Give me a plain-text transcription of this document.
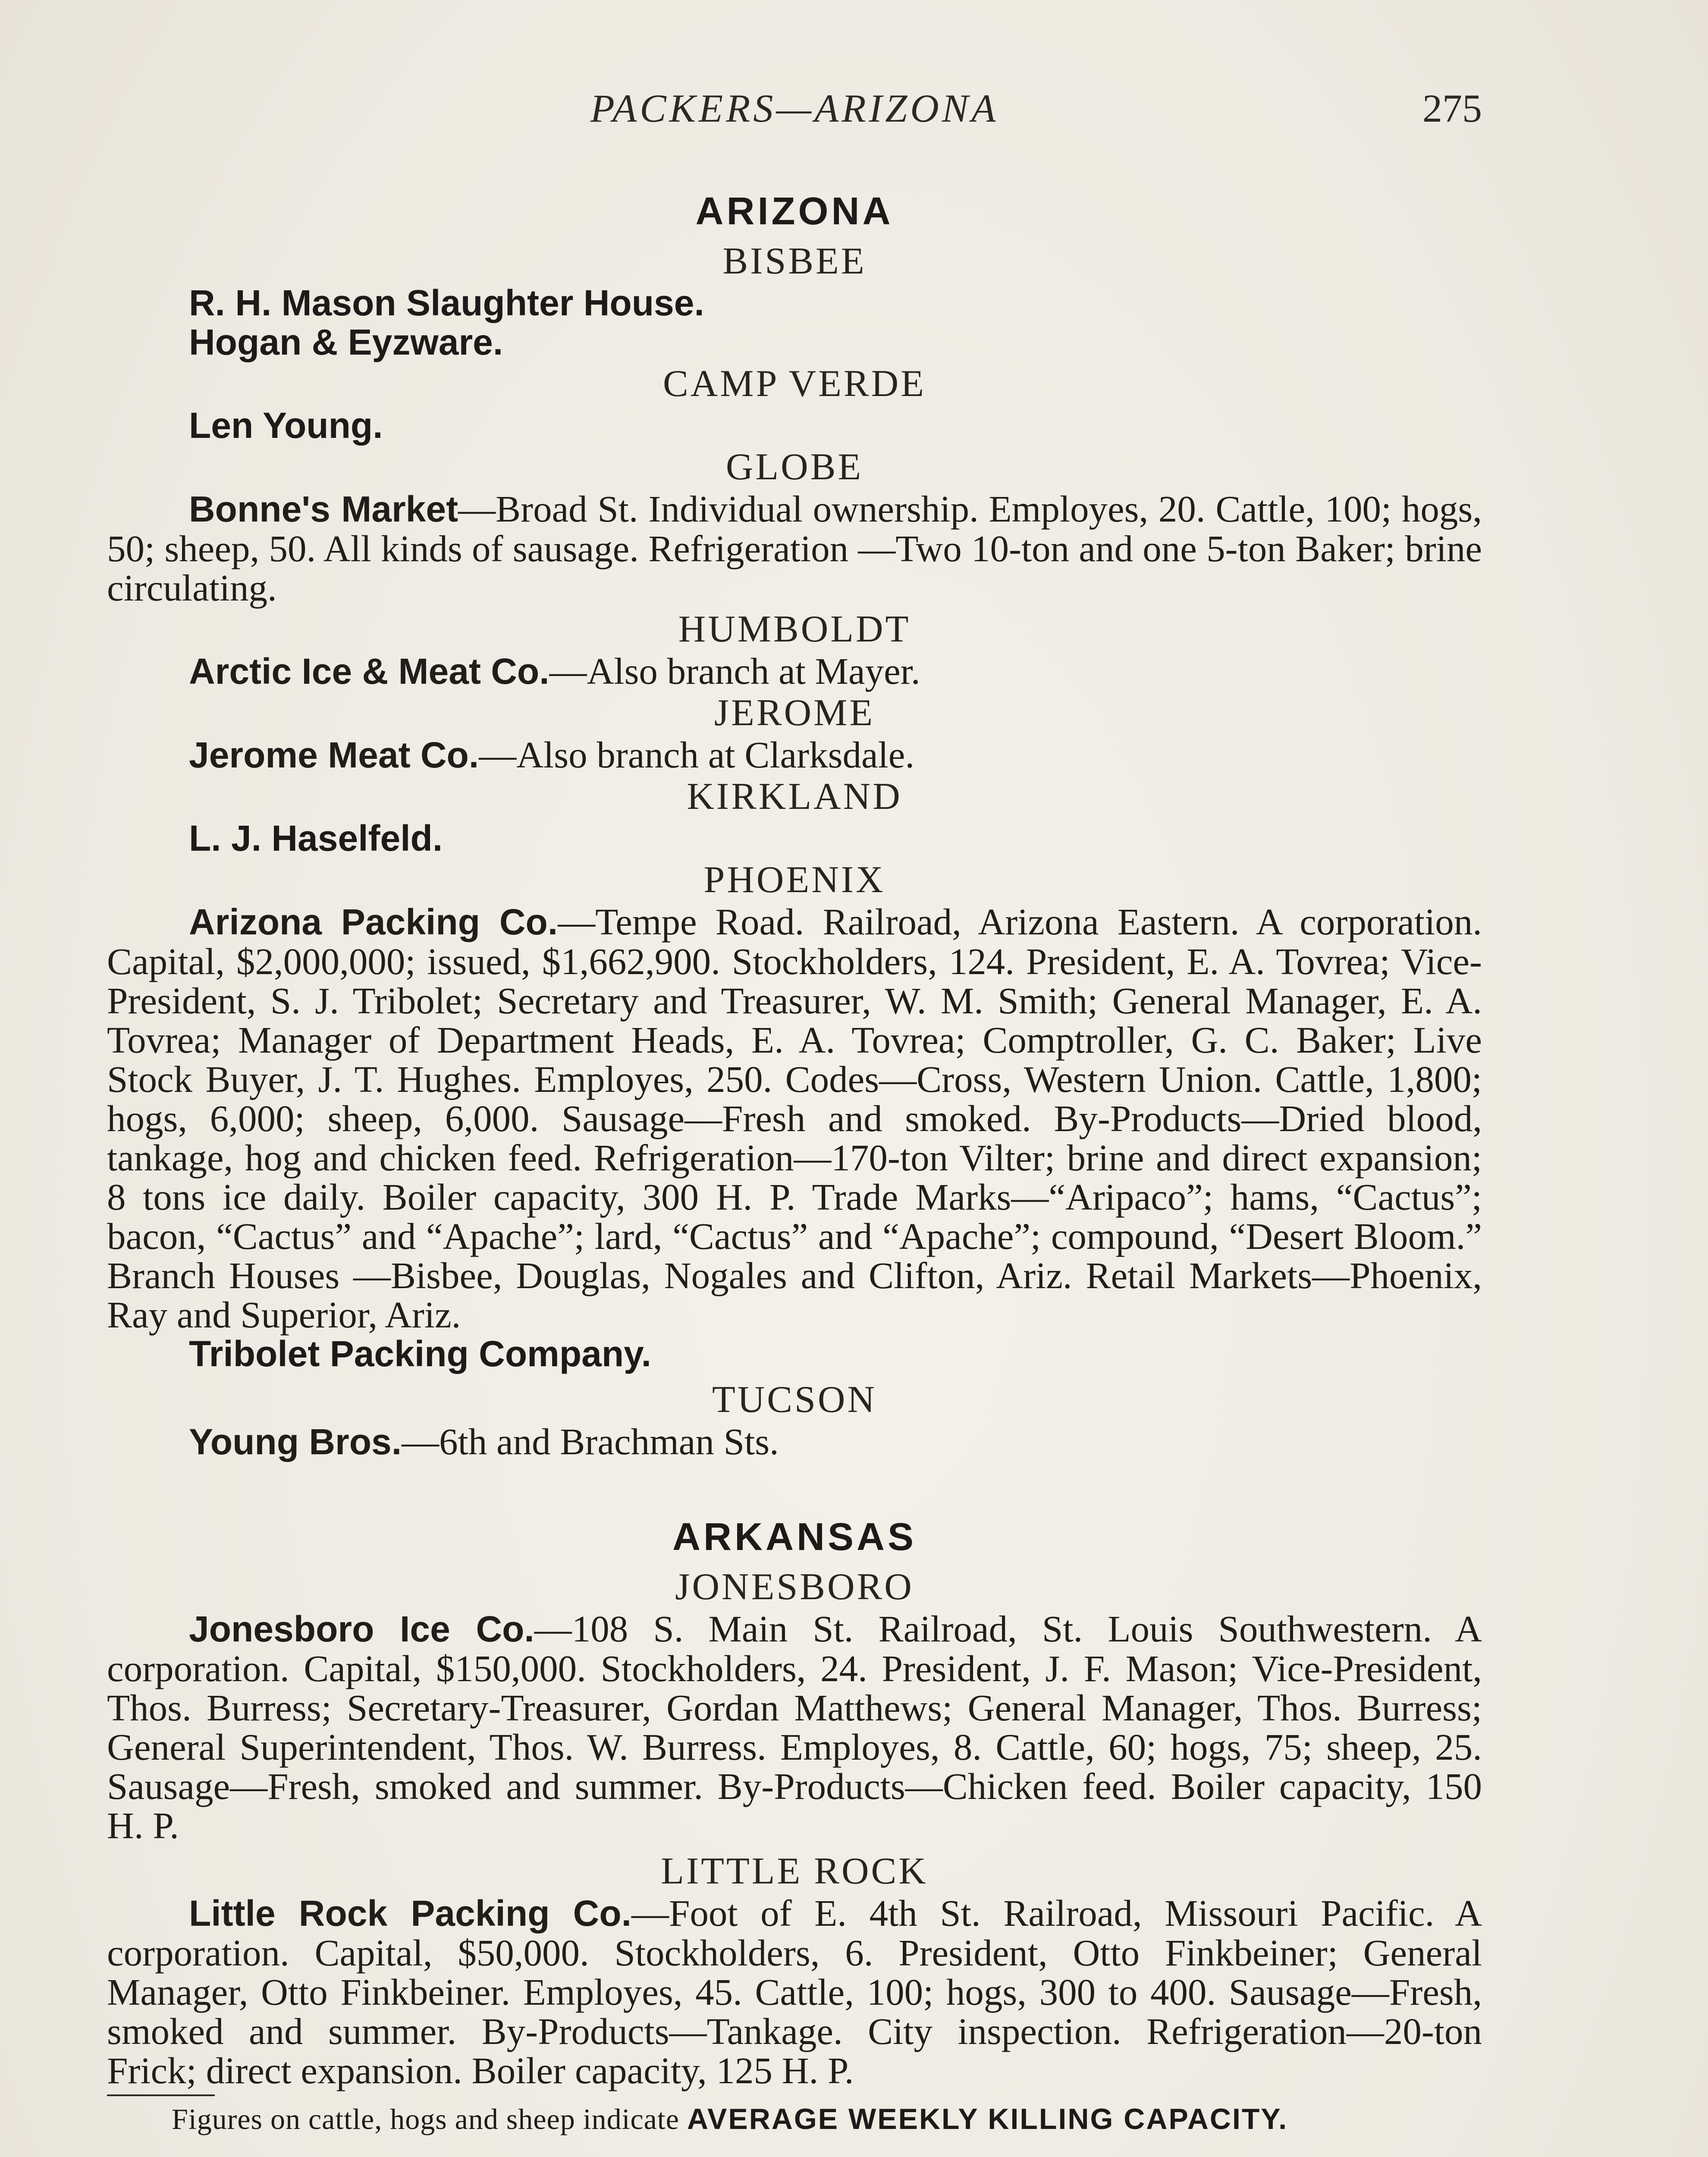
PACKERS—ARIZONA	275

ARIZONA

BISBEE

R. H. Mason Slaughter House.

Hogan & Eyzware.

CAMP VERDE

Len Young.

GLOBE

Bonne's Market—Broad St. Individual ownership. Employes, 20. Cattle, 100; hogs, 50; sheep, 50. All kinds of sausage. Refrigeration —Two 10-ton and one 5-ton Baker; brine circulating.

HUMBOLDT

Arctic Ice & Meat Co.—Also branch at Mayer.

JEROME

Jerome Meat Co.—Also branch at Clarksdale.

KIRKLAND

L. J. Haselfeld.

PHOENIX

Arizona Packing Co.—Tempe Road. Railroad, Arizona Eastern. A corporation. Capital, $2,000,000; issued, $1,662,900. Stockholders, 124. President, E. A. Tovrea; Vice-President, S. J. Tribolet; Secretary and Treasurer, W. M. Smith; General Manager, E. A. Tovrea; Manager of Department Heads, E. A. Tovrea; Comptroller, G. C. Baker; Live Stock Buyer, J. T. Hughes. Employes, 250. Codes—Cross, Western Union. Cattle, 1,800; hogs, 6,000; sheep, 6,000. Sausage—Fresh and smoked. By-Products—Dried blood, tankage, hog and chicken feed. Refrigeration—170-ton Vilter; brine and direct expansion; 8 tons ice daily. Boiler capacity, 300 H. P. Trade Marks—“Aripaco”; hams, “Cactus”; bacon, “Cactus” and “Apache”; lard, “Cactus” and “Apache”; compound, “Desert Bloom.” Branch Houses —Bisbee, Douglas, Nogales and Clifton, Ariz. Retail Markets—Phoenix, Ray and Superior, Ariz.

Tribolet Packing Company.

TUCSON

Young Bros.—6th and Brachman Sts.

ARKANSAS

JONESBORO

Jonesboro Ice Co.—108 S. Main St. Railroad, St. Louis Southwestern. A corporation. Capital, $150,000. Stockholders, 24. President, J. F. Mason; Vice-President, Thos. Burress; Secretary-Treasurer, Gordan Matthews; General Manager, Thos. Burress; General Superintendent, Thos. W. Burress. Employes, 8. Cattle, 60; hogs, 75; sheep, 25. Sausage—Fresh, smoked and summer. By-Products—Chicken feed. Boiler capacity, 150 H. P.

LITTLE ROCK

Little Rock Packing Co.—Foot of E. 4th St. Railroad, Missouri Pacific. A corporation. Capital, $50,000. Stockholders, 6. President, Otto Finkbeiner; General Manager, Otto Finkbeiner. Employes, 45. Cattle, 100; hogs, 300 to 400. Sausage—Fresh, smoked and summer. By-Products—Tankage. City inspection. Refrigeration—20-ton Frick; direct expansion. Boiler capacity, 125 H. P.

Figures on cattle, hogs and sheep indicate AVERAGE WEEKLY KILLING CAPACITY.
